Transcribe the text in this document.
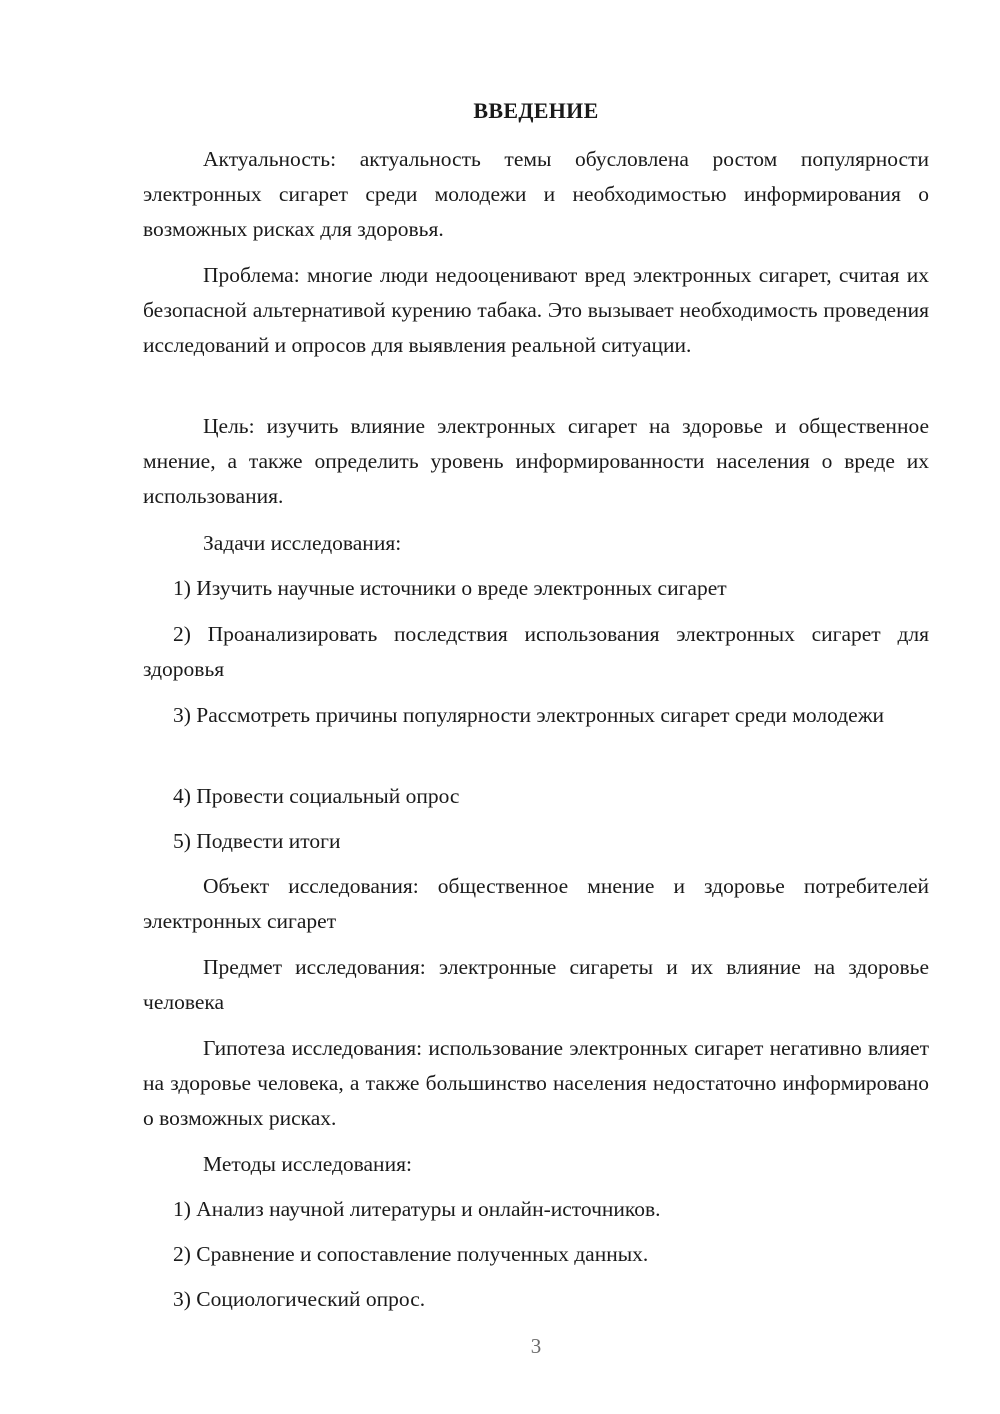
ВВЕДЕНИЕ
Актуальность: актуальность темы обусловлена ростом популярности электронных сигарет среди молодежи и необходимостью информирования о возможных рисках для здоровья.
Проблема: многие люди недооценивают вред электронных сигарет, считая их безопасной альтернативой курению табака. Это вызывает необходимость проведения исследований и опросов для выявления реальной ситуации.
Цель: изучить влияние электронных сигарет на здоровье и общественное мнение, а также определить уровень информированности населения о вреде их использования.
Задачи исследования:
1) Изучить научные источники о вреде электронных сигарет
2) Проанализировать последствия использования электронных сигарет для здоровья
3) Рассмотреть причины популярности электронных сигарет среди молодежи
4) Провести социальный опрос
5) Подвести итоги
Объект исследования: общественное мнение и здоровье потребителей электронных сигарет
Предмет исследования: электронные сигареты и их влияние на здоровье человека
Гипотеза исследования: использование электронных сигарет негативно влияет на здоровье человека, а также большинство населения недостаточно информировано о возможных рисках.
Методы исследования:
1) Анализ научной литературы и онлайн-источников.
2) Сравнение и сопоставление полученных данных.
3) Социологический опрос.
3
